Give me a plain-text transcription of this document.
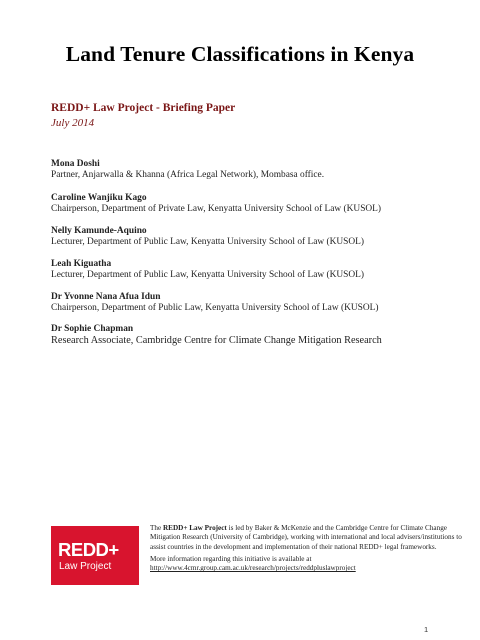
Land Tenure Classifications in Kenya
REDD+ Law Project - Briefing Paper
July 2014
Mona Doshi
Partner, Anjarwalla & Khanna (Africa Legal Network), Mombasa office.
Caroline Wanjiku Kago
Chairperson, Department of Private Law, Kenyatta University School of Law (KUSOL)
Nelly Kamunde-Aquino
Lecturer, Department of Public Law, Kenyatta University School of Law (KUSOL)
Leah Kiguatha
Lecturer, Department of Public Law, Kenyatta University School of Law (KUSOL)
Dr Yvonne Nana Afua Idun
Chairperson, Department of Public Law, Kenyatta University School of Law (KUSOL)
Dr Sophie Chapman
Research Associate, Cambridge Centre for Climate Change Mitigation Research
REDD+
Law Project

The REDD+ Law Project is led by Baker & McKenzie and the Cambridge Centre for Climate Change Mitigation Research (University of Cambridge), working with international and local advisers/institutions to assist countries in the development and implementation of their national REDD+ legal frameworks.

More information regarding this initiative is available at

http://www.4cmr.group.cam.ac.uk/research/projects/reddpluslawproject

1
